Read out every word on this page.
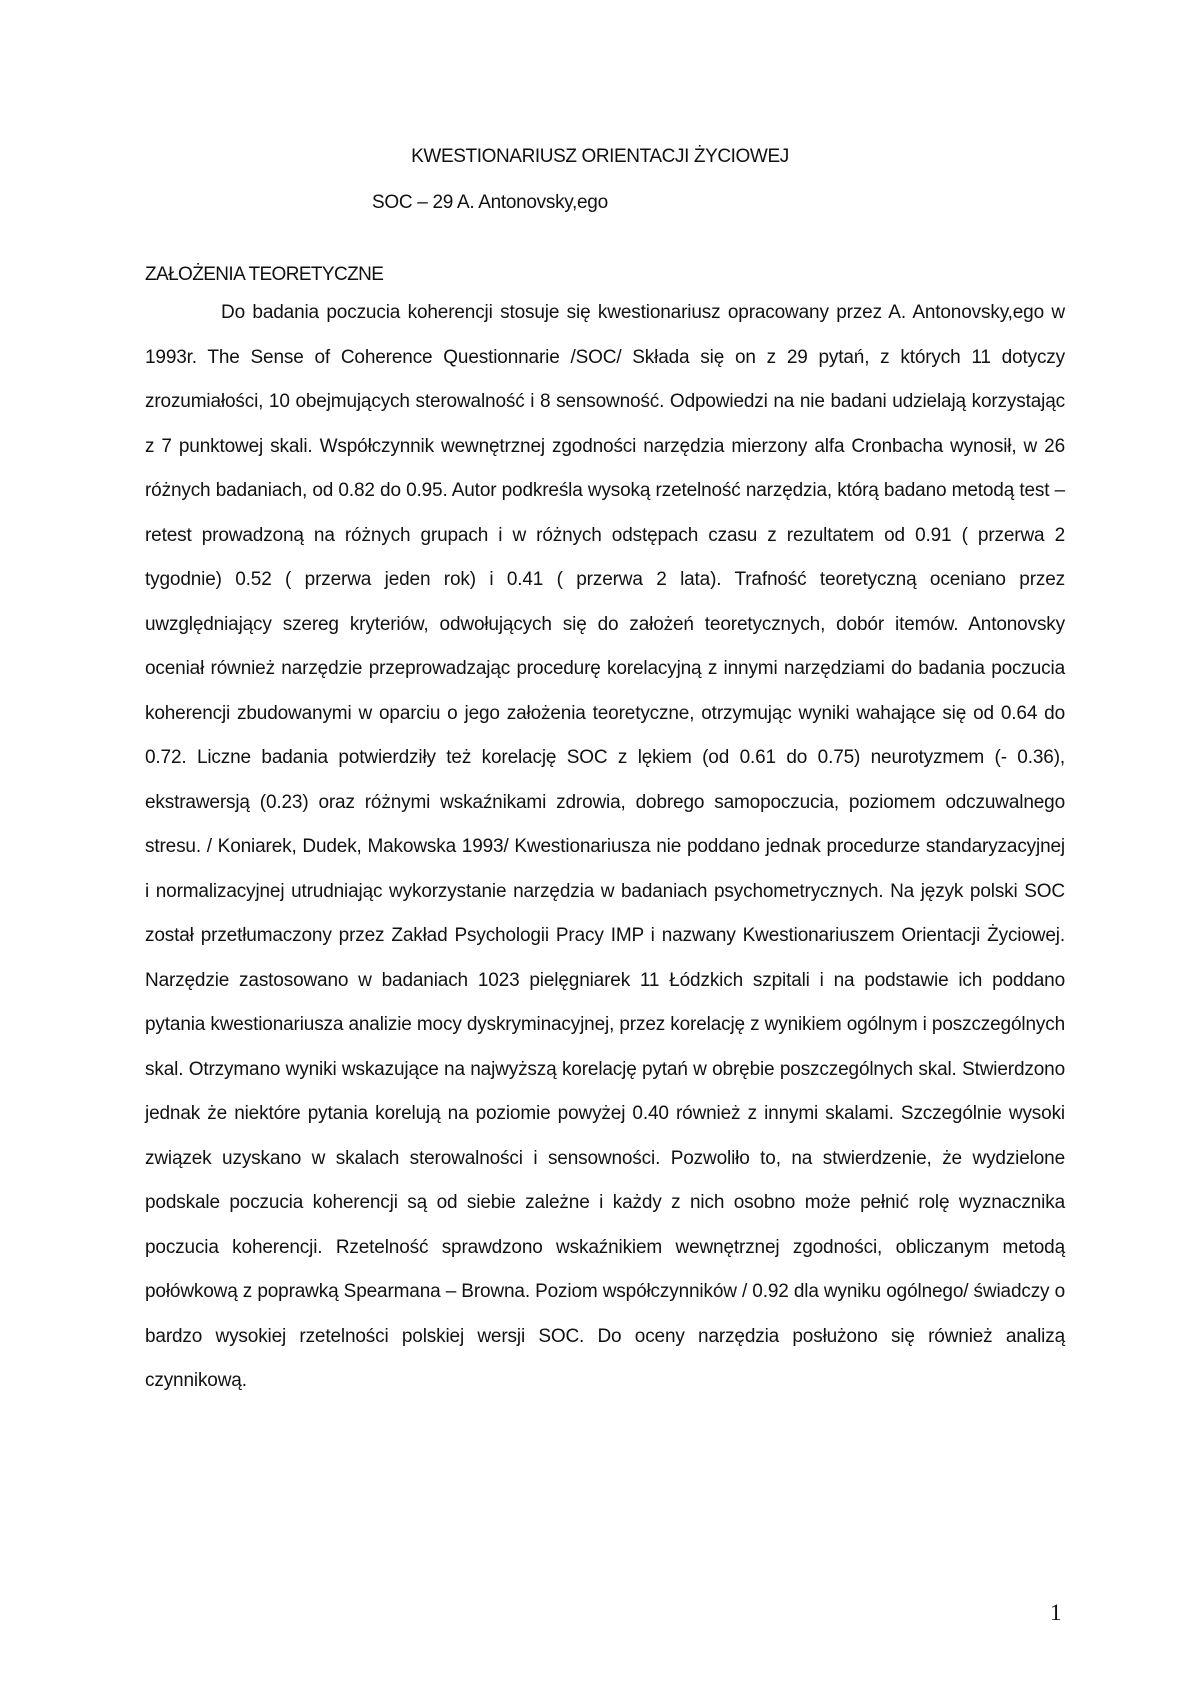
KWESTIONARIUSZ ORIENTACJI ŻYCIOWEJ
SOC – 29 A. Antonovsky,ego
ZAŁOŻENIA TEORETYCZNE

Do badania poczucia koherencji stosuje się kwestionariusz opracowany przez A. Antonovsky,ego w 1993r. The Sense of Coherence Questionnarie /SOC/ Składa się on z 29 pytań, z których 11 dotyczy zrozumiałości, 10 obejmujących sterowalność i 8 sensowność. Odpowiedzi na nie badani udzielają korzystając z 7 punktowej skali. Współczynnik wewnętrznej zgodności narzędzia mierzony alfa Cronbacha wynosił, w 26 różnych badaniach, od 0.82 do 0.95. Autor podkreśla wysoką rzetelność narzędzia, którą badano metodą test – retest prowadzoną na różnych grupach i w różnych odstępach czasu z rezultatem od 0.91 ( przerwa 2 tygodnie) 0.52 ( przerwa jeden rok) i 0.41 ( przerwa 2 lata). Trafność teoretyczną oceniano przez uwzględniający szereg kryteriów, odwołujących się do założeń teoretycznych, dobór itemów. Antonovsky oceniał również narzędzie przeprowadzając procedurę korelacyjną z innymi narzędziami do badania poczucia koherencji zbudowanymi w oparciu o jego założenia teoretyczne, otrzymując wyniki wahające się od 0.64 do 0.72. Liczne badania potwierdziły też korelację SOC z lękiem (od 0.61 do 0.75) neurotyzmem (- 0.36), ekstrawersją (0.23) oraz różnymi wskaźnikami zdrowia, dobrego samopoczucia, poziomem odczuwalnego stresu. / Koniarek, Dudek, Makowska 1993/ Kwestionariusza nie poddano jednak procedurze standaryzacyjnej i normalizacyjnej utrudniając wykorzystanie narzędzia w badaniach psychometrycznych. Na język polski SOC został przetłumaczony przez Zakład Psychologii Pracy IMP i nazwany Kwestionariuszem Orientacji Życiowej. Narzędzie zastosowano w badaniach 1023 pielęgniarek 11 Łódzkich szpitali i na podstawie ich poddano pytania kwestionariusza analizie mocy dyskryminacyjnej, przez korelację z wynikiem ogólnym i poszczególnych skal. Otrzymano wyniki wskazujące na najwyższą korelację pytań w obrębie poszczególnych skal. Stwierdzono jednak że niektóre pytania korelują na poziomie powyżej 0.40 również z innymi skalami. Szczególnie wysoki związek uzyskano w skalach sterowalności i sensowności. Pozwoliło to, na stwierdzenie, że wydzielone podskale poczucia koherencji są od siebie zależne i każdy z nich osobno może pełnić rolę wyznacznika poczucia koherencji. Rzetelność sprawdzono wskaźnikiem wewnętrznej zgodności, obliczanym metodą połówkową z poprawką Spearmana – Browna. Poziom współczynników / 0.92 dla wyniku ogólnego/ świadczy o bardzo wysokiej rzetelności polskiej wersji SOC. Do oceny narzędzia posłużono się również analizą czynnikową.

1
